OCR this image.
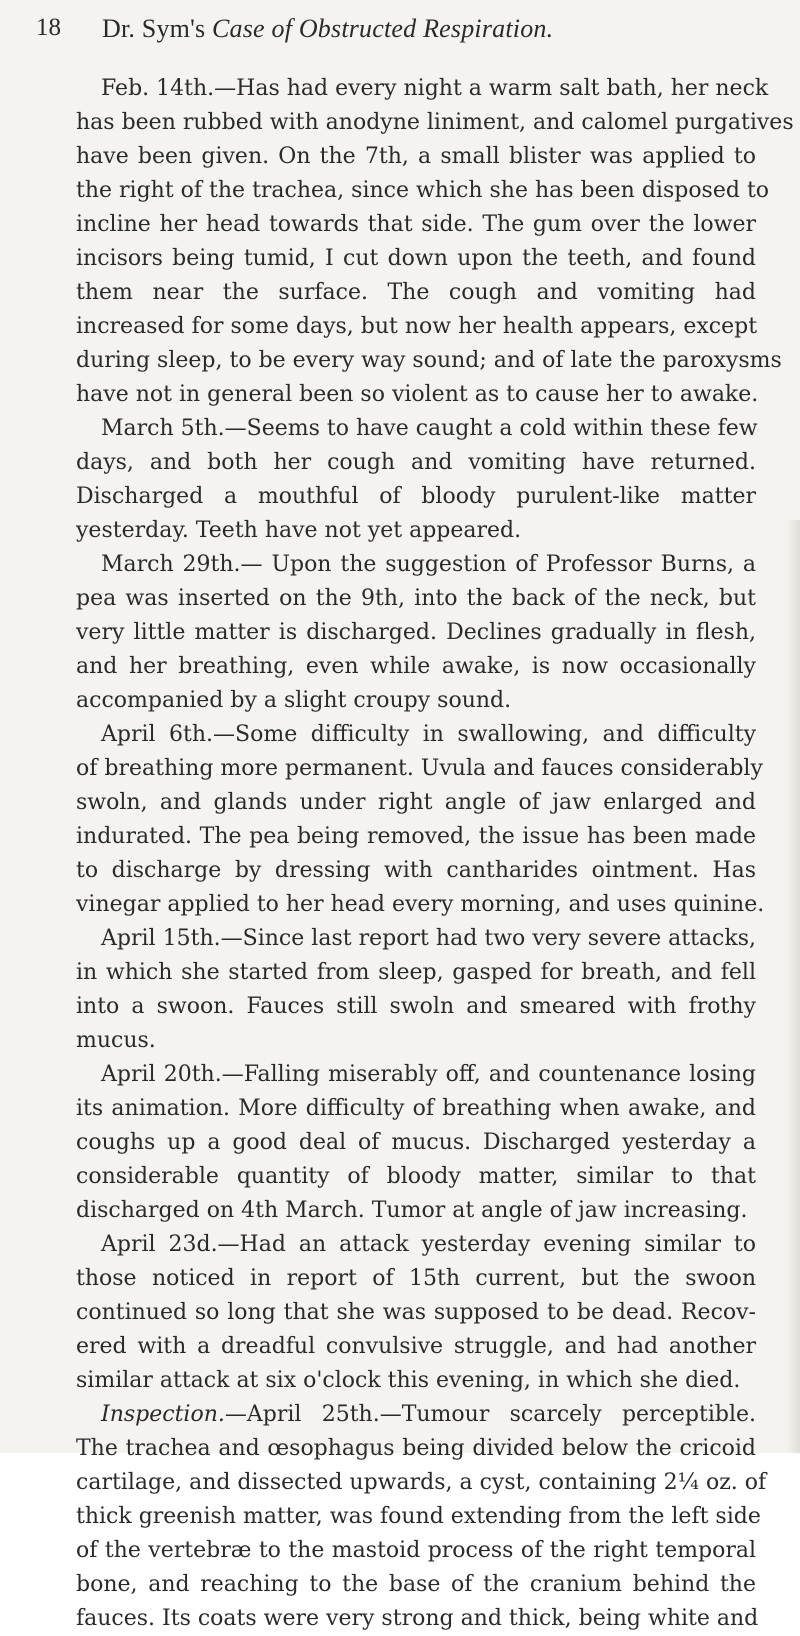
18 Dr. Sym's Case of Obstructed Respiration.
Feb. 14th.—Has had every night a warm salt bath, her neck
has been rubbed with anodyne liniment, and calomel purgatives
have been given. On the 7th, a small blister was applied to
the right of the trachea, since which she has been disposed to
incline her head towards that side. The gum over the lower
incisors being tumid, I cut down upon the teeth, and found
them near the surface. The cough and vomiting had
increased for some days, but now her health appears, except
during sleep, to be every way sound; and of late the paroxysms
have not in general been so violent as to cause her to awake.
March 5th.—Seems to have caught a cold within these few
days, and both her cough and vomiting have returned.
Discharged a mouthful of bloody purulent-like matter
yesterday. Teeth have not yet appeared.
March 29th.— Upon the suggestion of Professor Burns, a
pea was inserted on the 9th, into the back of the neck, but
very little matter is discharged. Declines gradually in flesh,
and her breathing, even while awake, is now occasionally
accompanied by a slight croupy sound.
April 6th.—Some difficulty in swallowing, and difficulty
of breathing more permanent. Uvula and fauces considerably
swoln, and glands under right angle of jaw enlarged and
indurated. The pea being removed, the issue has been made
to discharge by dressing with cantharides ointment. Has
vinegar applied to her head every morning, and uses quinine.
April 15th.—Since last report had two very severe attacks,
in which she started from sleep, gasped for breath, and fell
into a swoon. Fauces still swoln and smeared with frothy
mucus.
April 20th.—Falling miserably off, and countenance losing
its animation. More difficulty of breathing when awake, and
coughs up a good deal of mucus. Discharged yesterday a
considerable quantity of bloody matter, similar to that
discharged on 4th March. Tumor at angle of jaw increasing.
April 23d.—Had an attack yesterday evening similar to
those noticed in report of 15th current, but the swoon
continued so long that she was supposed to be dead. Recov-
ered with a dreadful convulsive struggle, and had another
similar attack at six o'clock this evening, in which she died.
Inspection.—April 25th.—Tumour scarcely perceptible.
The trachea and œsophagus being divided below the cricoid
cartilage, and dissected upwards, a cyst, containing 2¼ oz. of
thick greenish matter, was found extending from the left side
of the vertebræ to the mastoid process of the right temporal
bone, and reaching to the base of the cranium behind the
fauces. Its coats were very strong and thick, being white and
